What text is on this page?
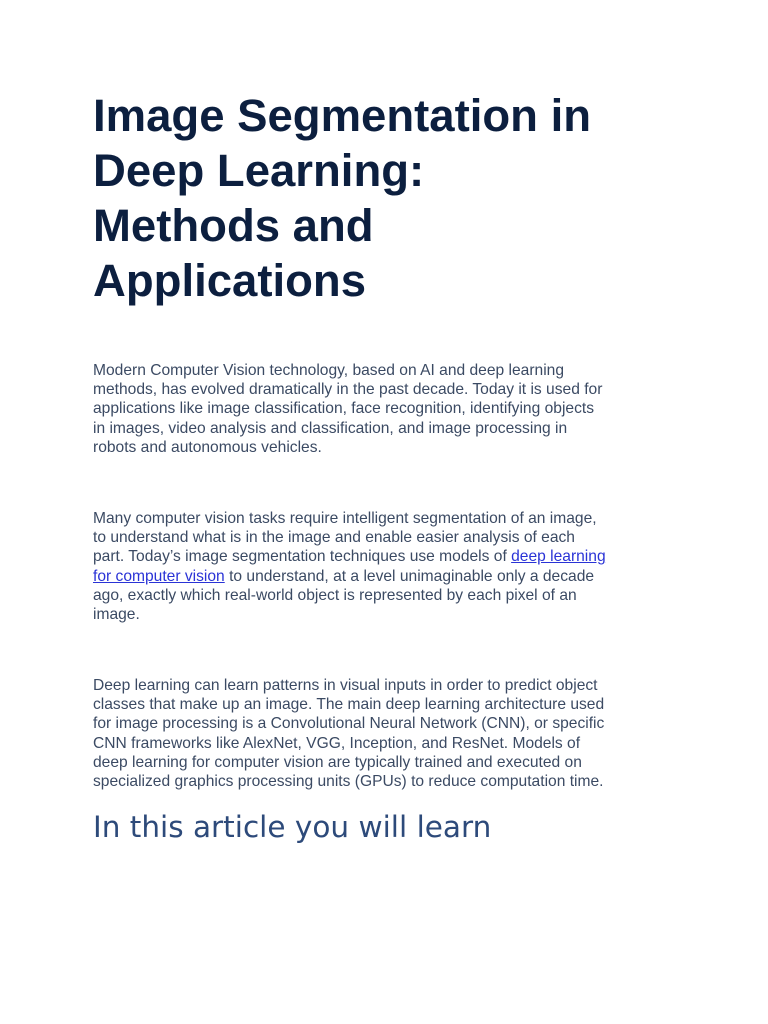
Image Segmentation in
Deep Learning:
Methods and
Applications

Modern Computer Vision technology, based on AI and deep learning
methods, has evolved dramatically in the past decade. Today it is used for
applications like image classification, face recognition, identifying objects
in images, video analysis and classification, and image processing in
robots and autonomous vehicles.

Many computer vision tasks require intelligent segmentation of an image,
to understand what is in the image and enable easier analysis of each
part. Today’s image segmentation techniques use models of deep learning
for computer vision to understand, at a level unimaginable only a decade
ago, exactly which real-world object is represented by each pixel of an
image.

Deep learning can learn patterns in visual inputs in order to predict object
classes that make up an image. The main deep learning architecture used
for image processing is a Convolutional Neural Network (CNN), or specific
CNN frameworks like AlexNet, VGG, Inception, and ResNet. Models of
deep learning for computer vision are typically trained and executed on
specialized graphics processing units (GPUs) to reduce computation time.

In this article you will learn
